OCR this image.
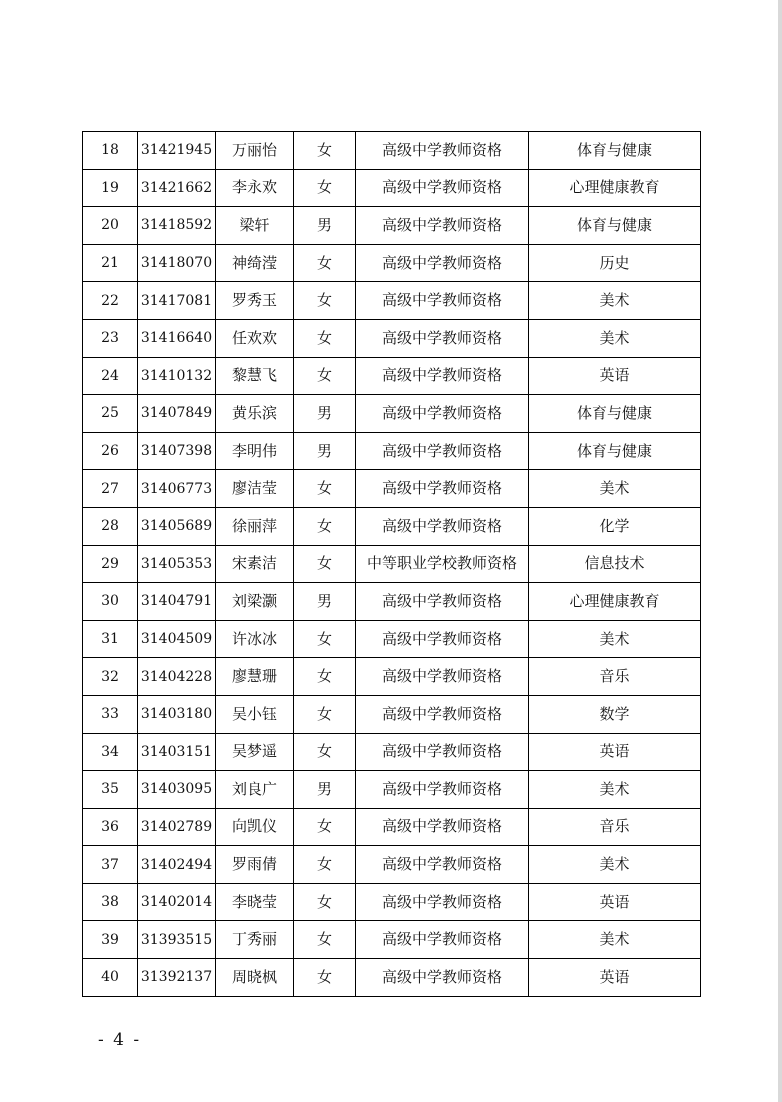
18	31421945	万丽怡	女	高级中学教师资格	体育与健康
19	31421662	李永欢	女	高级中学教师资格	心理健康教育
20	31418592	梁轩	男	高级中学教师资格	体育与健康
21	31418070	神绮滢	女	高级中学教师资格	历史
22	31417081	罗秀玉	女	高级中学教师资格	美术
23	31416640	任欢欢	女	高级中学教师资格	美术
24	31410132	黎慧飞	女	高级中学教师资格	英语
25	31407849	黄乐滨	男	高级中学教师资格	体育与健康
26	31407398	李明伟	男	高级中学教师资格	体育与健康
27	31406773	廖洁莹	女	高级中学教师资格	美术
28	31405689	徐丽萍	女	高级中学教师资格	化学
29	31405353	宋素洁	女	中等职业学校教师资格	信息技术
30	31404791	刘梁灏	男	高级中学教师资格	心理健康教育
31	31404509	许冰冰	女	高级中学教师资格	美术
32	31404228	廖慧珊	女	高级中学教师资格	音乐
33	31403180	吴小钰	女	高级中学教师资格	数学
34	31403151	吴梦遥	女	高级中学教师资格	英语
35	31403095	刘良广	男	高级中学教师资格	美术
36	31402789	向凯仪	女	高级中学教师资格	音乐
37	31402494	罗雨倩	女	高级中学教师资格	美术
38	31402014	李晓莹	女	高级中学教师资格	英语
39	31393515	丁秀丽	女	高级中学教师资格	美术
40	31392137	周晓枫	女	高级中学教师资格	英语
- 4 -
